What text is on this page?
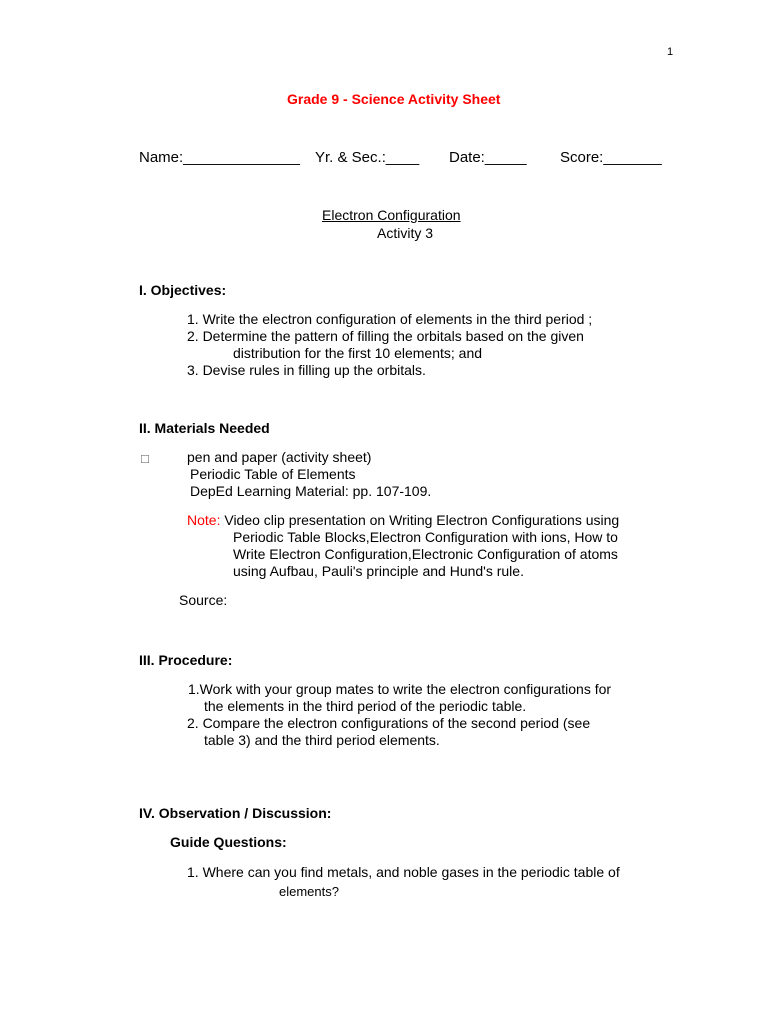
1
Grade 9 - Science Activity Sheet
Name:______________ Yr. & Sec.:____ Date:_____ Score:_______
Electron Configuration
Activity 3
I. Objectives:
1. Write the electron configuration of elements in the third period ;
2. Determine the pattern of filling the orbitals based on the given
distribution for the first 10 elements; and
3. Devise rules in filling up the orbitals.
II. Materials Needed
□	pen and paper (activity sheet)
Periodic Table of Elements
DepEd Learning Material: pp. 107-109.
Note: Video clip presentation on Writing Electron Configurations using
Periodic Table Blocks,Electron Configuration with ions, How to
Write Electron Configuration,Electronic Configuration of atoms
using Aufbau, Pauli's principle and Hund's rule.
Source:
III. Procedure:
1.Work with your group mates to write the electron configurations for
the elements in the third period of the periodic table.
2. Compare the electron configurations of the second period (see
table 3) and the third period elements.
IV. Observation / Discussion:
Guide Questions:
1. Where can you find metals, and noble gases in the periodic table of
elements?
